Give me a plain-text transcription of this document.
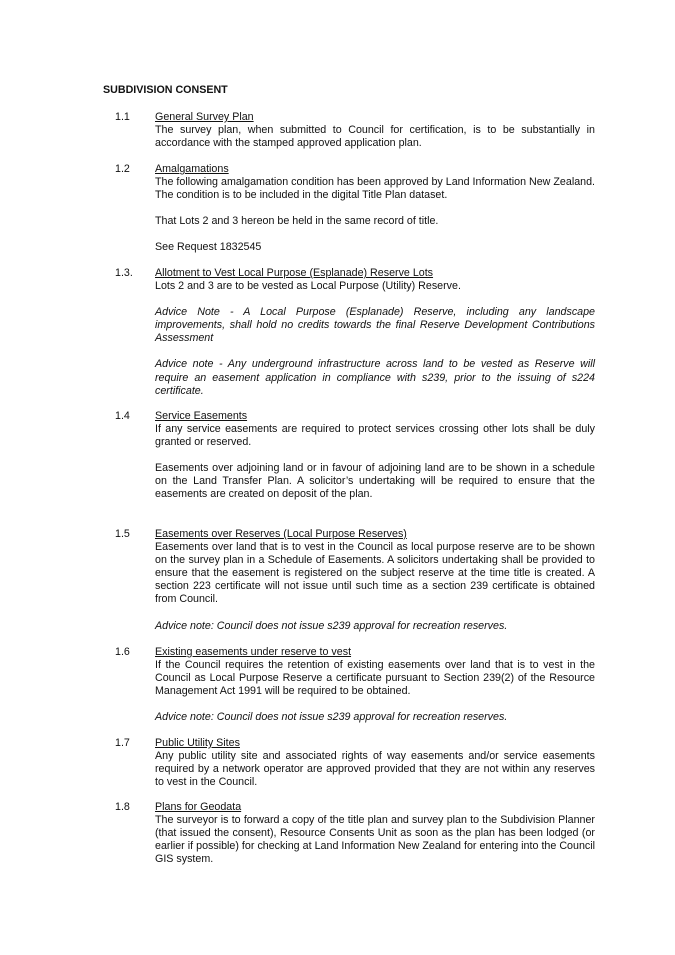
SUBDIVISION CONSENT
1.1 General Survey Plan

The survey plan, when submitted to Council for certification, is to be substantially in accordance with the stamped approved application plan.

1.2 Amalgamations

The following amalgamation condition has been approved by Land Information New Zealand. The condition is to be included in the digital Title Plan dataset.

That Lots 2 and 3 hereon be held in the same record of title.

See Request 1832545

1.3. Allotment to Vest Local Purpose (Esplanade) Reserve Lots

Lots 2 and 3 are to be vested as Local Purpose (Utility) Reserve.

Advice Note - A Local Purpose (Esplanade) Reserve, including any landscape improvements, shall hold no credits towards the final Reserve Development Contributions Assessment

Advice note - Any underground infrastructure across land to be vested as Reserve will require an easement application in compliance with s239, prior to the issuing of s224 certificate.

1.4 Service Easements

If any service easements are required to protect services crossing other lots shall be duly granted or reserved.

Easements over adjoining land or in favour of adjoining land are to be shown in a schedule on the Land Transfer Plan. A solicitor’s undertaking will be required to ensure that the easements are created on deposit of the plan.

1.5 Easements over Reserves (Local Purpose Reserves)

Easements over land that is to vest in the Council as local purpose reserve are to be shown on the survey plan in a Schedule of Easements. A solicitors undertaking shall be provided to ensure that the easement is registered on the subject reserve at the time title is created. A section 223 certificate will not issue until such time as a section 239 certificate is obtained from Council.

Advice note: Council does not issue s239 approval for recreation reserves.

1.6 Existing easements under reserve to vest

If the Council requires the retention of existing easements over land that is to vest in the Council as Local Purpose Reserve a certificate pursuant to Section 239(2) of the Resource Management Act 1991 will be required to be obtained.

Advice note: Council does not issue s239 approval for recreation reserves.

1.7 Public Utility Sites

Any public utility site and associated rights of way easements and/or service easements required by a network operator are approved provided that they are not within any reserves to vest in the Council.

1.8 Plans for Geodata

The surveyor is to forward a copy of the title plan and survey plan to the Subdivision Planner (that issued the consent), Resource Consents Unit as soon as the plan has been lodged (or earlier if possible) for checking at Land Information New Zealand for entering into the Council GIS system.
